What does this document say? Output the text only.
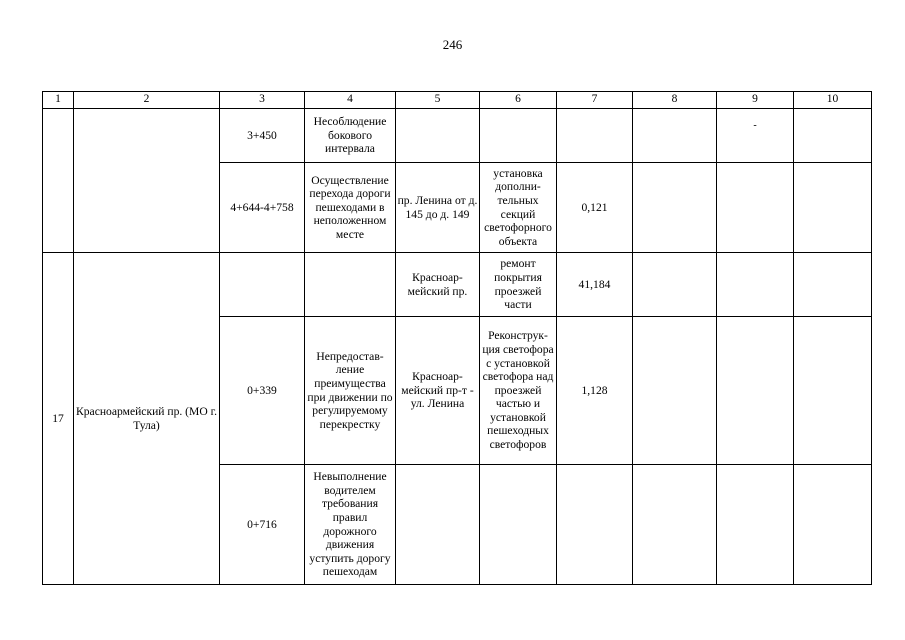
246
1	2	3	4	5	6	7	8	9	10
		3+450	Несоблюдение бокового интервала					-	
		4+644-4+758	Осуществление перехода дороги пешеходами в неположенном месте	пр. Ленина от д. 145 до д. 149	установка дополни-тельных секций светофорного объекта	0,121			
17	Красноармейский пр. (МО г. Тула)			Красноар-мейский пр.	ремонт покрытия проезжей части	41,184			
		0+339	Непредостав-ление преимущества при движении по регулируемому перекрестку	Красноар-мейский пр-т - ул. Ленина	Реконструк-ция светофора с установкой светофора над проезжей частью и установкой пешеходных светофоров	1,128			
		0+716	Невыполнение водителем требования правил дорожного движения уступить дорогу пешеходам						
